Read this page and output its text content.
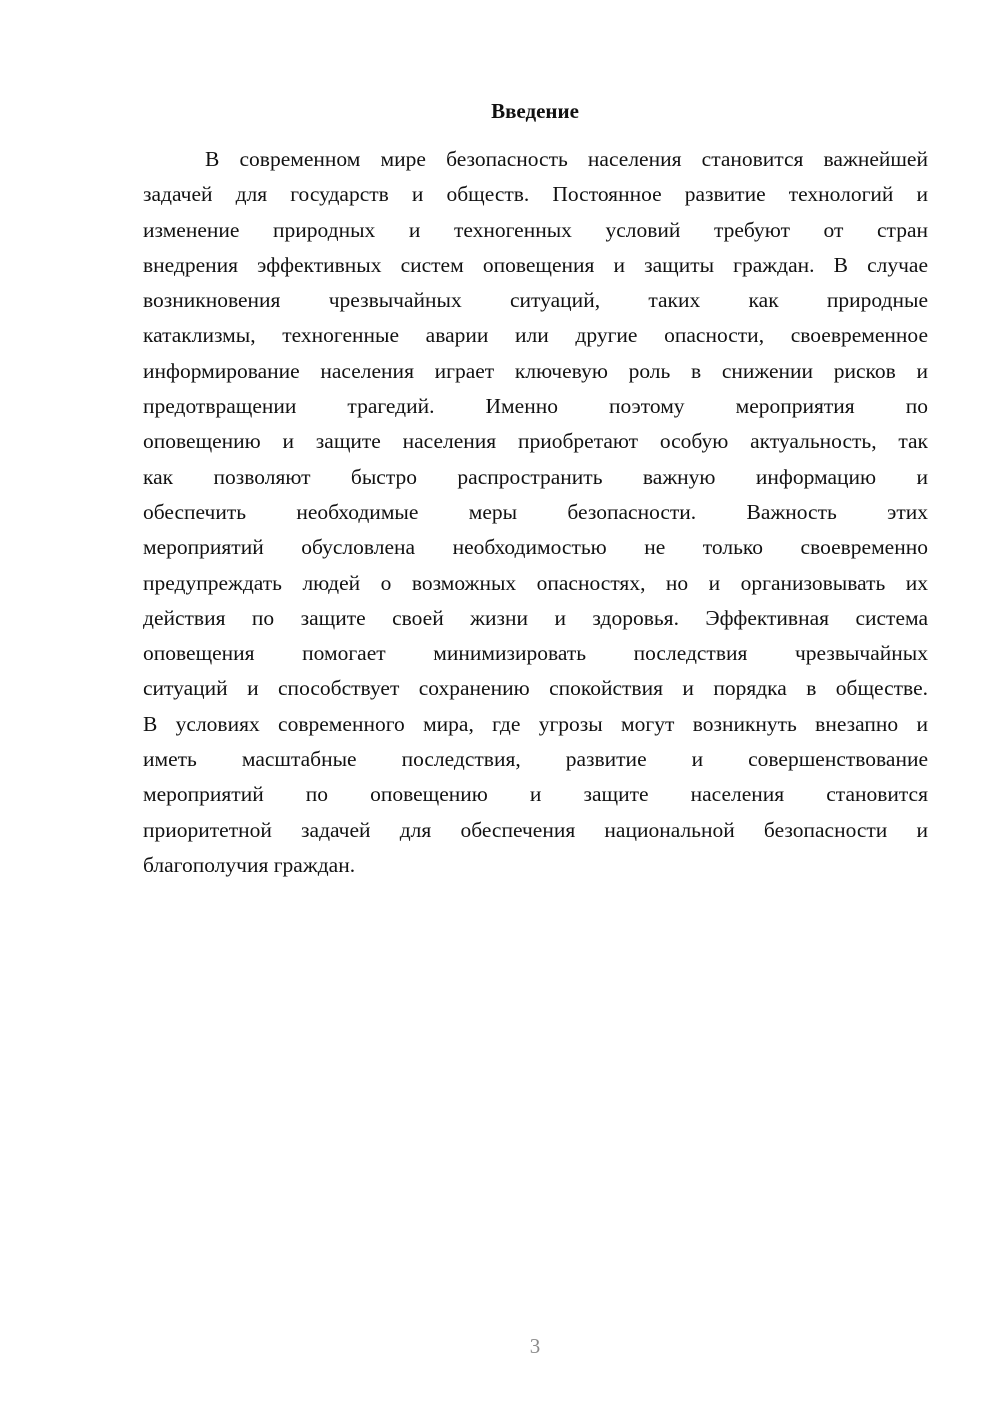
Введение
В современном мире безопасность населения становится важнейшей
задачей для государств и обществ. Постоянное развитие технологий и
изменение природных и техногенных условий требуют от стран
внедрения эффективных систем оповещения и защиты граждан. В случае
возникновения чрезвычайных ситуаций, таких как природные
катаклизмы, техногенные аварии или другие опасности, своевременное
информирование населения играет ключевую роль в снижении рисков и
предотвращении трагедий. Именно поэтому мероприятия по
оповещению и защите населения приобретают особую актуальность, так
как позволяют быстро распространить важную информацию и
обеспечить необходимые меры безопасности. Важность этих
мероприятий обусловлена необходимостью не только своевременно
предупреждать людей о возможных опасностях, но и организовывать их
действия по защите своей жизни и здоровья. Эффективная система
оповещения помогает минимизировать последствия чрезвычайных
ситуаций и способствует сохранению спокойствия и порядка в обществе.
В условиях современного мира, где угрозы могут возникнуть внезапно и
иметь масштабные последствия, развитие и совершенствование
мероприятий по оповещению и защите населения становится
приоритетной задачей для обеспечения национальной безопасности и
благополучия граждан.
3
